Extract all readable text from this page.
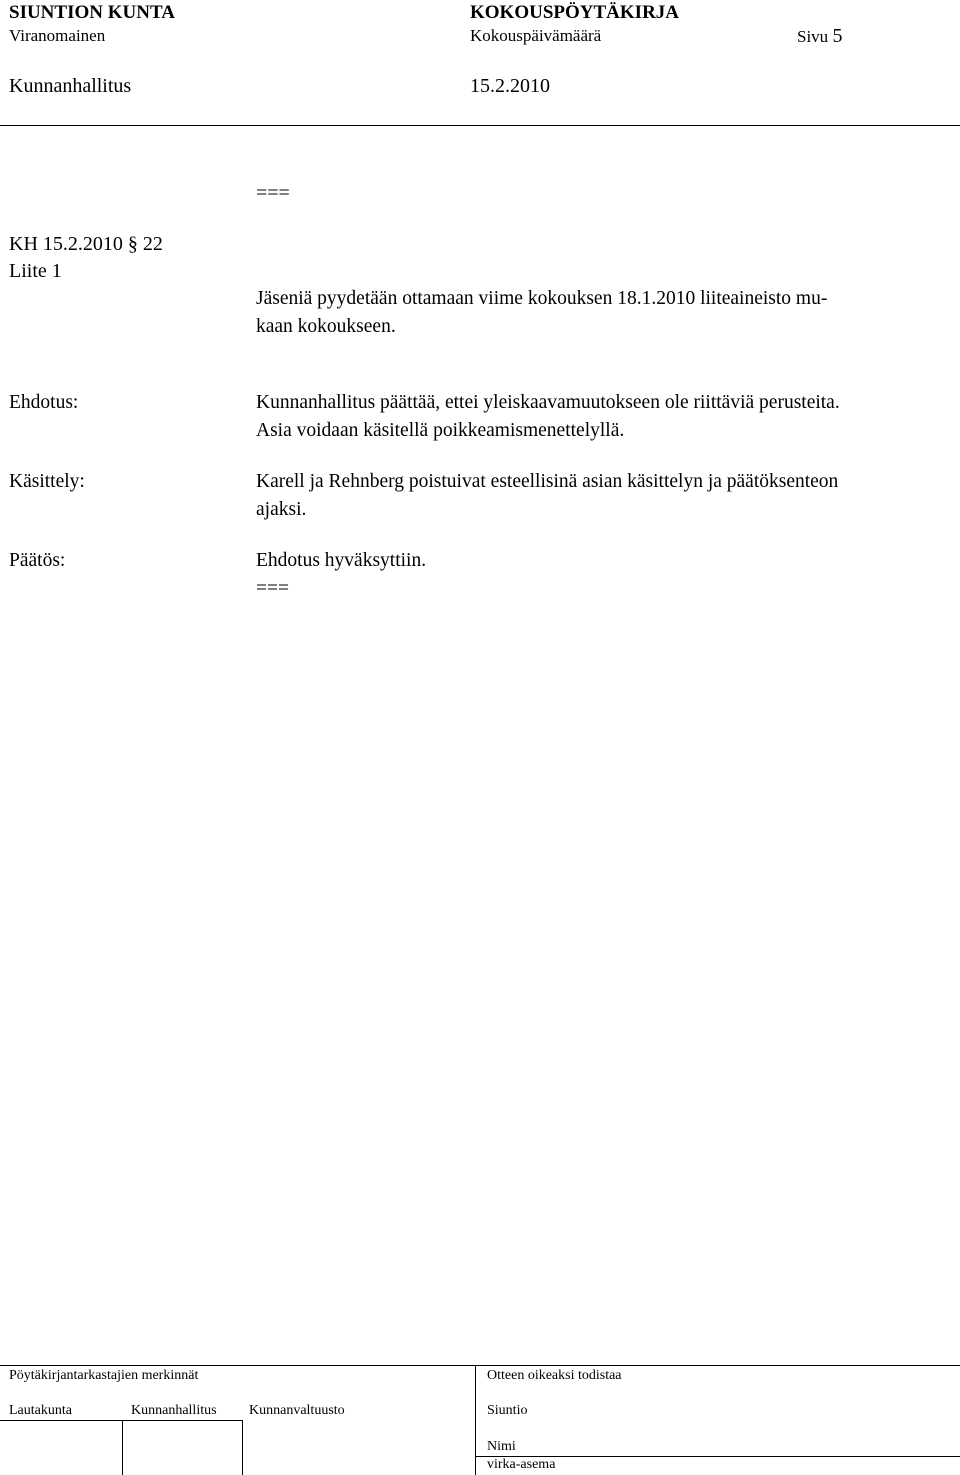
SIUNTION KUNTA	KOKOUSPÖYTÄKIRJA
Viranomainen	Kokouspäivämäärä	Sivu 5
Kunnanhallitus	15.2.2010
===
KH 15.2.2010 § 22
Liite 1
Jäseniä pyydetään ottamaan viime kokouksen 18.1.2010 liiteaineisto mu-
kaan kokoukseen.
Ehdotus:	Kunnanhallitus päättää, ettei yleiskaavamuutokseen ole riittäviä perusteita.
Asia voidaan käsitellä poikkeamismenettelyllä.
Käsittely:	Karell ja Rehnberg poistuivat esteellisinä asian käsittelyn ja päätöksenteon
ajaksi.
Päätös:	Ehdotus hyväksyttiin.
===
Pöytäkirjantarkastajien merkinnät	Otteen oikeaksi todistaa
Lautakunta	Kunnanhallitus Kunnanvaltuusto	Siuntio
Nimi
virka-asema
